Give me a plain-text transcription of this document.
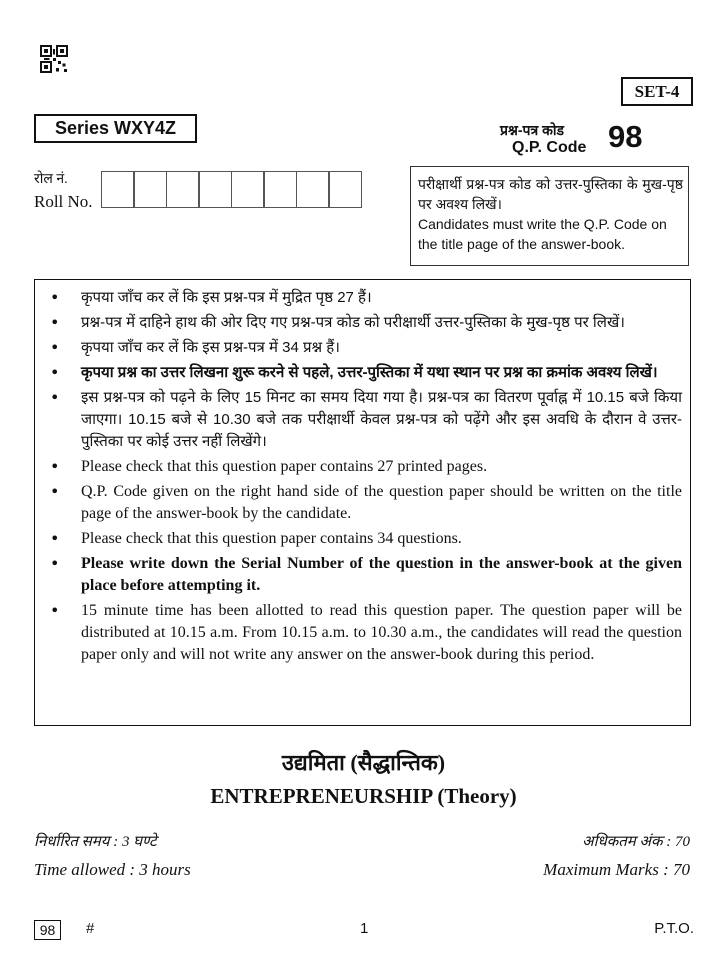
SET-4
Series WXY4Z	प्रश्न-पत्र कोड
Q.P. Code 98
रोल नं.
Roll No.
परीक्षार्थी प्रश्न-पत्र कोड को उत्तर-पुस्तिका के मुख-पृष्ठ पर अवश्य लिखें।
Candidates must write the Q.P. Code on the title page of the answer-book.
•	कृपया जाँच कर लें कि इस प्रश्न-पत्र में मुद्रित पृष्ठ 27 हैं।
•	प्रश्न-पत्र में दाहिने हाथ की ओर दिए गए प्रश्न-पत्र कोड को परीक्षार्थी उत्तर-पुस्तिका के मुख-पृष्ठ पर लिखें।
•	कृपया जाँच कर लें कि इस प्रश्न-पत्र में 34 प्रश्न हैं।
•	कृपया प्रश्न का उत्तर लिखना शुरू करने से पहले, उत्तर-पुस्तिका में यथा स्थान पर प्रश्न का क्रमांक अवश्य लिखें।
•	इस प्रश्न-पत्र को पढ़ने के लिए 15 मिनट का समय दिया गया है। प्रश्न-पत्र का वितरण पूर्वाह्न में 10.15 बजे किया जाएगा। 10.15 बजे से 10.30 बजे तक परीक्षार्थी केवल प्रश्न-पत्र को पढ़ेंगे और इस अवधि के दौरान वे उत्तर-पुस्तिका पर कोई उत्तर नहीं लिखेंगे।
•	Please check that this question paper contains 27 printed pages.
•	Q.P. Code given on the right hand side of the question paper should be written on the title page of the answer-book by the candidate.
•	Please check that this question paper contains 34 questions.
•	Please write down the Serial Number of the question in the answer-book at the given place before attempting it.
•	15 minute time has been allotted to read this question paper. The question paper will be distributed at 10.15 a.m. From 10.15 a.m. to 10.30 a.m., the candidates will read the question paper only and will not write any answer on the answer-book during this period.
उद्यमिता (सैद्धान्तिक)
ENTREPRENEURSHIP (Theory)
निर्धारित समय : 3 घण्टे
Time allowed : 3 hours
अधिकतम अंक : 70
Maximum Marks : 70
98	#	1	P.T.O.
